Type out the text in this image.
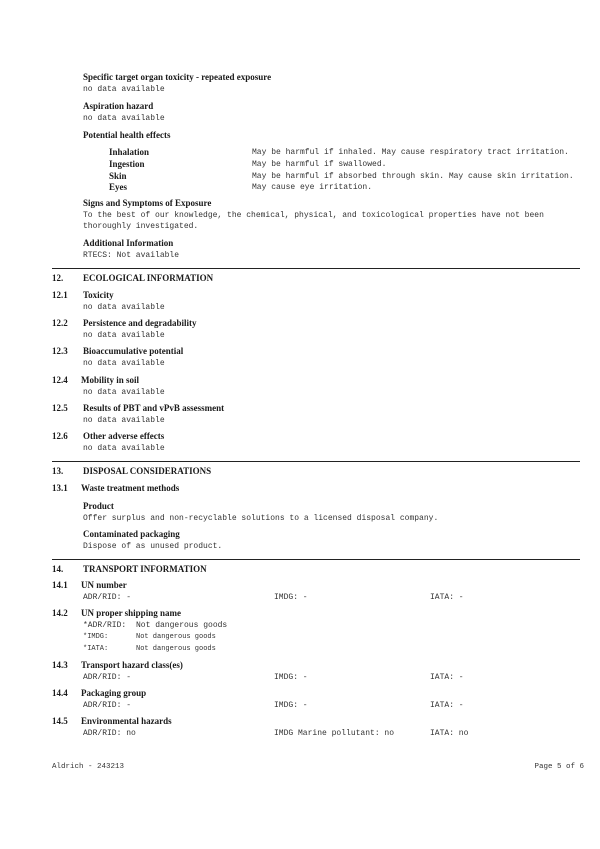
Specific target organ toxicity - repeated exposure
no data available
Aspiration hazard
no data available
Potential health effects
Inhalation	May be harmful if inhaled. May cause respiratory tract irritation.
Ingestion	May be harmful if swallowed.
Skin	May be harmful if absorbed through skin. May cause skin irritation.
Eyes	May cause eye irritation.
Signs and Symptoms of Exposure
To the best of our knowledge, the chemical, physical, and toxicological properties have not been
thoroughly investigated.
Additional Information
RTECS: Not available
12. ECOLOGICAL INFORMATION
12.1 Toxicity
no data available
12.2 Persistence and degradability
no data available
12.3 Bioaccumulative potential
no data available
12.4 Mobility in soil
no data available
12.5 Results of PBT and vPvB assessment
no data available
12.6 Other adverse effects
no data available
13. DISPOSAL CONSIDERATIONS
13.1 Waste treatment methods
Product
Offer surplus and non-recyclable solutions to a licensed disposal company.
Contaminated packaging
Dispose of as unused product.
14. TRANSPORT INFORMATION
14.1 UN number
ADR/RID: -	IMDG: -	IATA: -
14.2 UN proper shipping name
*ADR/RID: Not dangerous goods
*IMDG:	Not dangerous goods
*IATA:	Not dangerous goods
14.3 Transport hazard class(es)
ADR/RID: -	IMDG: -	IATA: -
14.4 Packaging group
ADR/RID: -	IMDG: -	IATA: -
14.5 Environmental hazards
ADR/RID: no	IMDG Marine pollutant: no	IATA: no
Aldrich - 243213	Page 5 of 6
